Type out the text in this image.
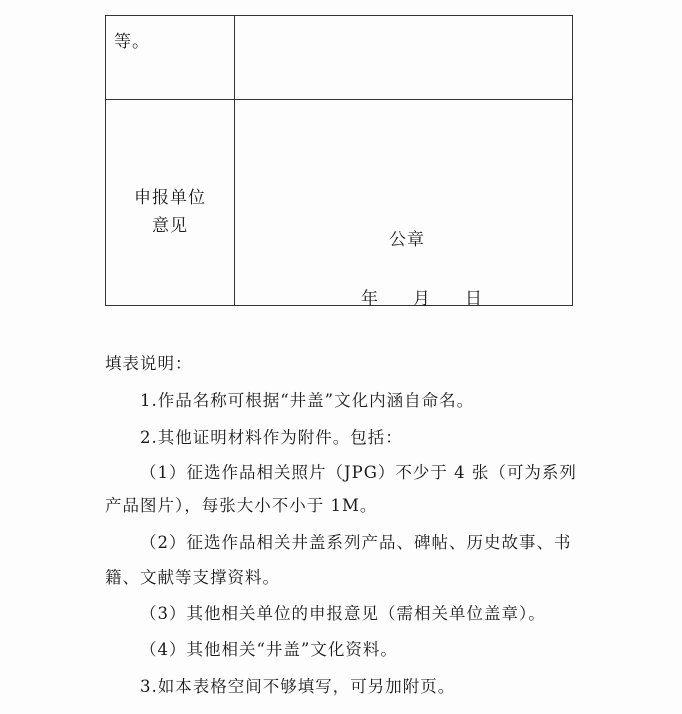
等。
申报单位
意见
公章
年 月 日
填表说明：
1.作品名称可根据“井盖”文化内涵自命名。
2.其他证明材料作为附件。包括：
（1）征选作品相关照片（JPG）不少于 4 张（可为系列
产品图片），每张大小不小于 1M。
（2）征选作品相关井盖系列产品、碑帖、历史故事、书
籍、文献等支撑资料。
（3）其他相关单位的申报意见（需相关单位盖章）。
（4）其他相关“井盖”文化资料。
3.如本表格空间不够填写，可另加附页。
